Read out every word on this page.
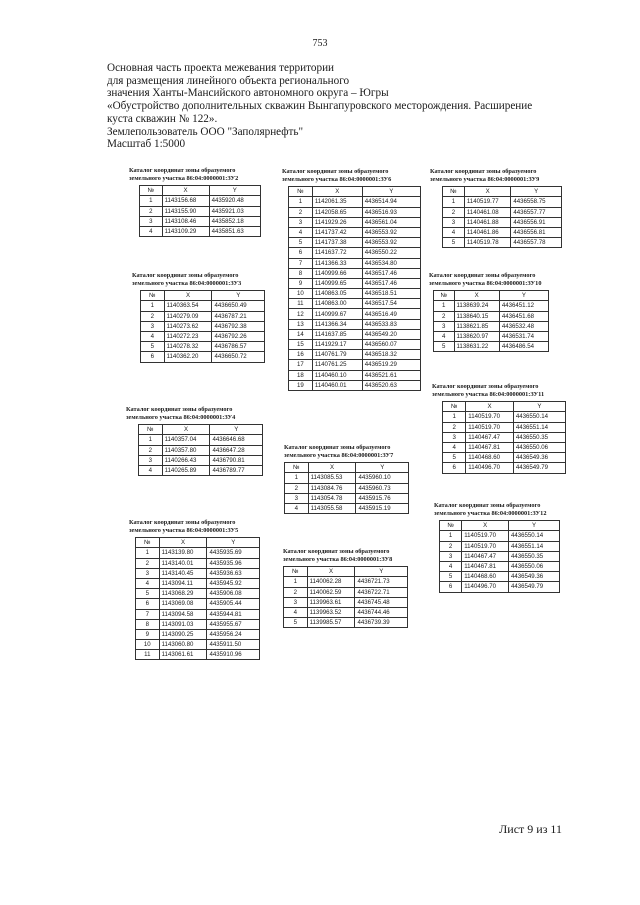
753
Основная часть проекта межевания территории
для размещения линейного объекта регионального
значения Ханты-Мансийского автономного округа – Югры
«Обустройство дополнительных скважин Вынгапуровского месторождения. Расширение
куста скважин № 122».
Землепользователь ООО "Заполярнефть"
Масштаб 1:5000
Каталог координат зоны образуемого
земельного участка 86:04:0000001:ЗУ2
№	X	Y
1	1143156.68	4435920.48
2	1143155.90	4435921.03
3	1143108.46	4435852.18
4	1143109.29	4435851.63
Каталог координат зоны образуемого
земельного участка 86:04:0000001:ЗУ3
№	X	Y
1	1140363.54	4436650.49
2	1140279.09	4436787.21
3	1140273.62	4436792.38
4	1140272.23	4436792.26
5	1140278.32	4436786.57
6	1140362.20	4436650.72
Каталог координат зоны образуемого
земельного участка 86:04:0000001:ЗУ4
№	X	Y
1	1140357.04	4436646.68
2	1140357.80	4436647.28
3	1140266.43	4436790.81
4	1140265.89	4436789.77
Каталог координат зоны образуемого
земельного участка 86:04:0000001:ЗУ5
№	X	Y
1	1143139.80	4435935.69
2	1143140.01	4435935.96
3	1143140.45	4435936.63
4	1143094.11	4435945.92
5	1143068.29	4435906.08
6	1143069.08	4435905.44
7	1143094.58	4435944.81
8	1143091.03	4435955.67
9	1143090.25	4435956.24
10	1143060.80	4435911.50
11	1143061.61	4435910.96
Каталог координат зоны образуемого
земельного участка 86:04:0000001:ЗУ6
№	X	Y
1	1142061.35	4436514.94
2	1142058.65	4436516.93
3	1141929.26	4436561.04
4	1141737.42	4436553.92
5	1141737.38	4436553.92
6	1141637.72	4436550.22
7	1141366.33	4436534.80
8	1140999.66	4436517.46
9	1140999.65	4436517.46
10	1140863.05	4436518.51
11	1140863.00	4436517.54
12	1140999.67	4436516.49
13	1141366.34	4436533.83
14	1141637.85	4436549.20
15	1141929.17	4436560.07
16	1140761.79	4436518.32
17	1140761.25	4436519.29
18	1140460.10	4436521.61
19	1140460.01	4436520.63
Каталог координат зоны образуемого
земельного участка 86:04:0000001:ЗУ7
№	X	Y
1	1143085.53	4435960.10
2	1143084.76	4435960.73
3	1143054.78	4435915.76
4	1143055.58	4435915.19
Каталог координат зоны образуемого
земельного участка 86:04:0000001:ЗУ8
№	X	Y
1	1140062.28	4436721.73
2	1140062.59	4436722.71
3	1139963.61	4436745.48
4	1139963.52	4436744.46
5	1139985.57	4436739.39
Каталог координат зоны образуемого
земельного участка 86:04:0000001:ЗУ9
№	X	Y
1	1140519.77	4436558.75
2	1140461.08	4436557.77
3	1140461.88	4436556.91
4	1140461.86	4436556.81
5	1140519.78	4436557.78
Каталог координат зоны образуемого
земельного участка 86:04:0000001:ЗУ10
№	X	Y
1	1138639.24	4436451.12
2	1138640.15	4436451.68
3	1138621.85	4436532.48
4	1138620.97	4436531.74
5	1138631.22	4436486.54
Каталог координат зоны образуемого
земельного участка 86:04:0000001:ЗУ11
№	X	Y
1	1140519.70	4436550.14
2	1140519.70	4436551.14
3	1140467.47	4436550.35
4	1140467.81	4436550.06
5	1140468.60	4436549.36
6	1140496.70	4436549.79
Каталог координат зоны образуемого
земельного участка 86:04:0000001:ЗУ12
№	X	Y
1	1140519.70	4436550.14
2	1140519.70	4436551.14
3	1140467.47	4436550.35
4	1140467.81	4436550.06
5	1140468.60	4436549.36
6	1140496.70	4436549.79
Лист 9 из 11
